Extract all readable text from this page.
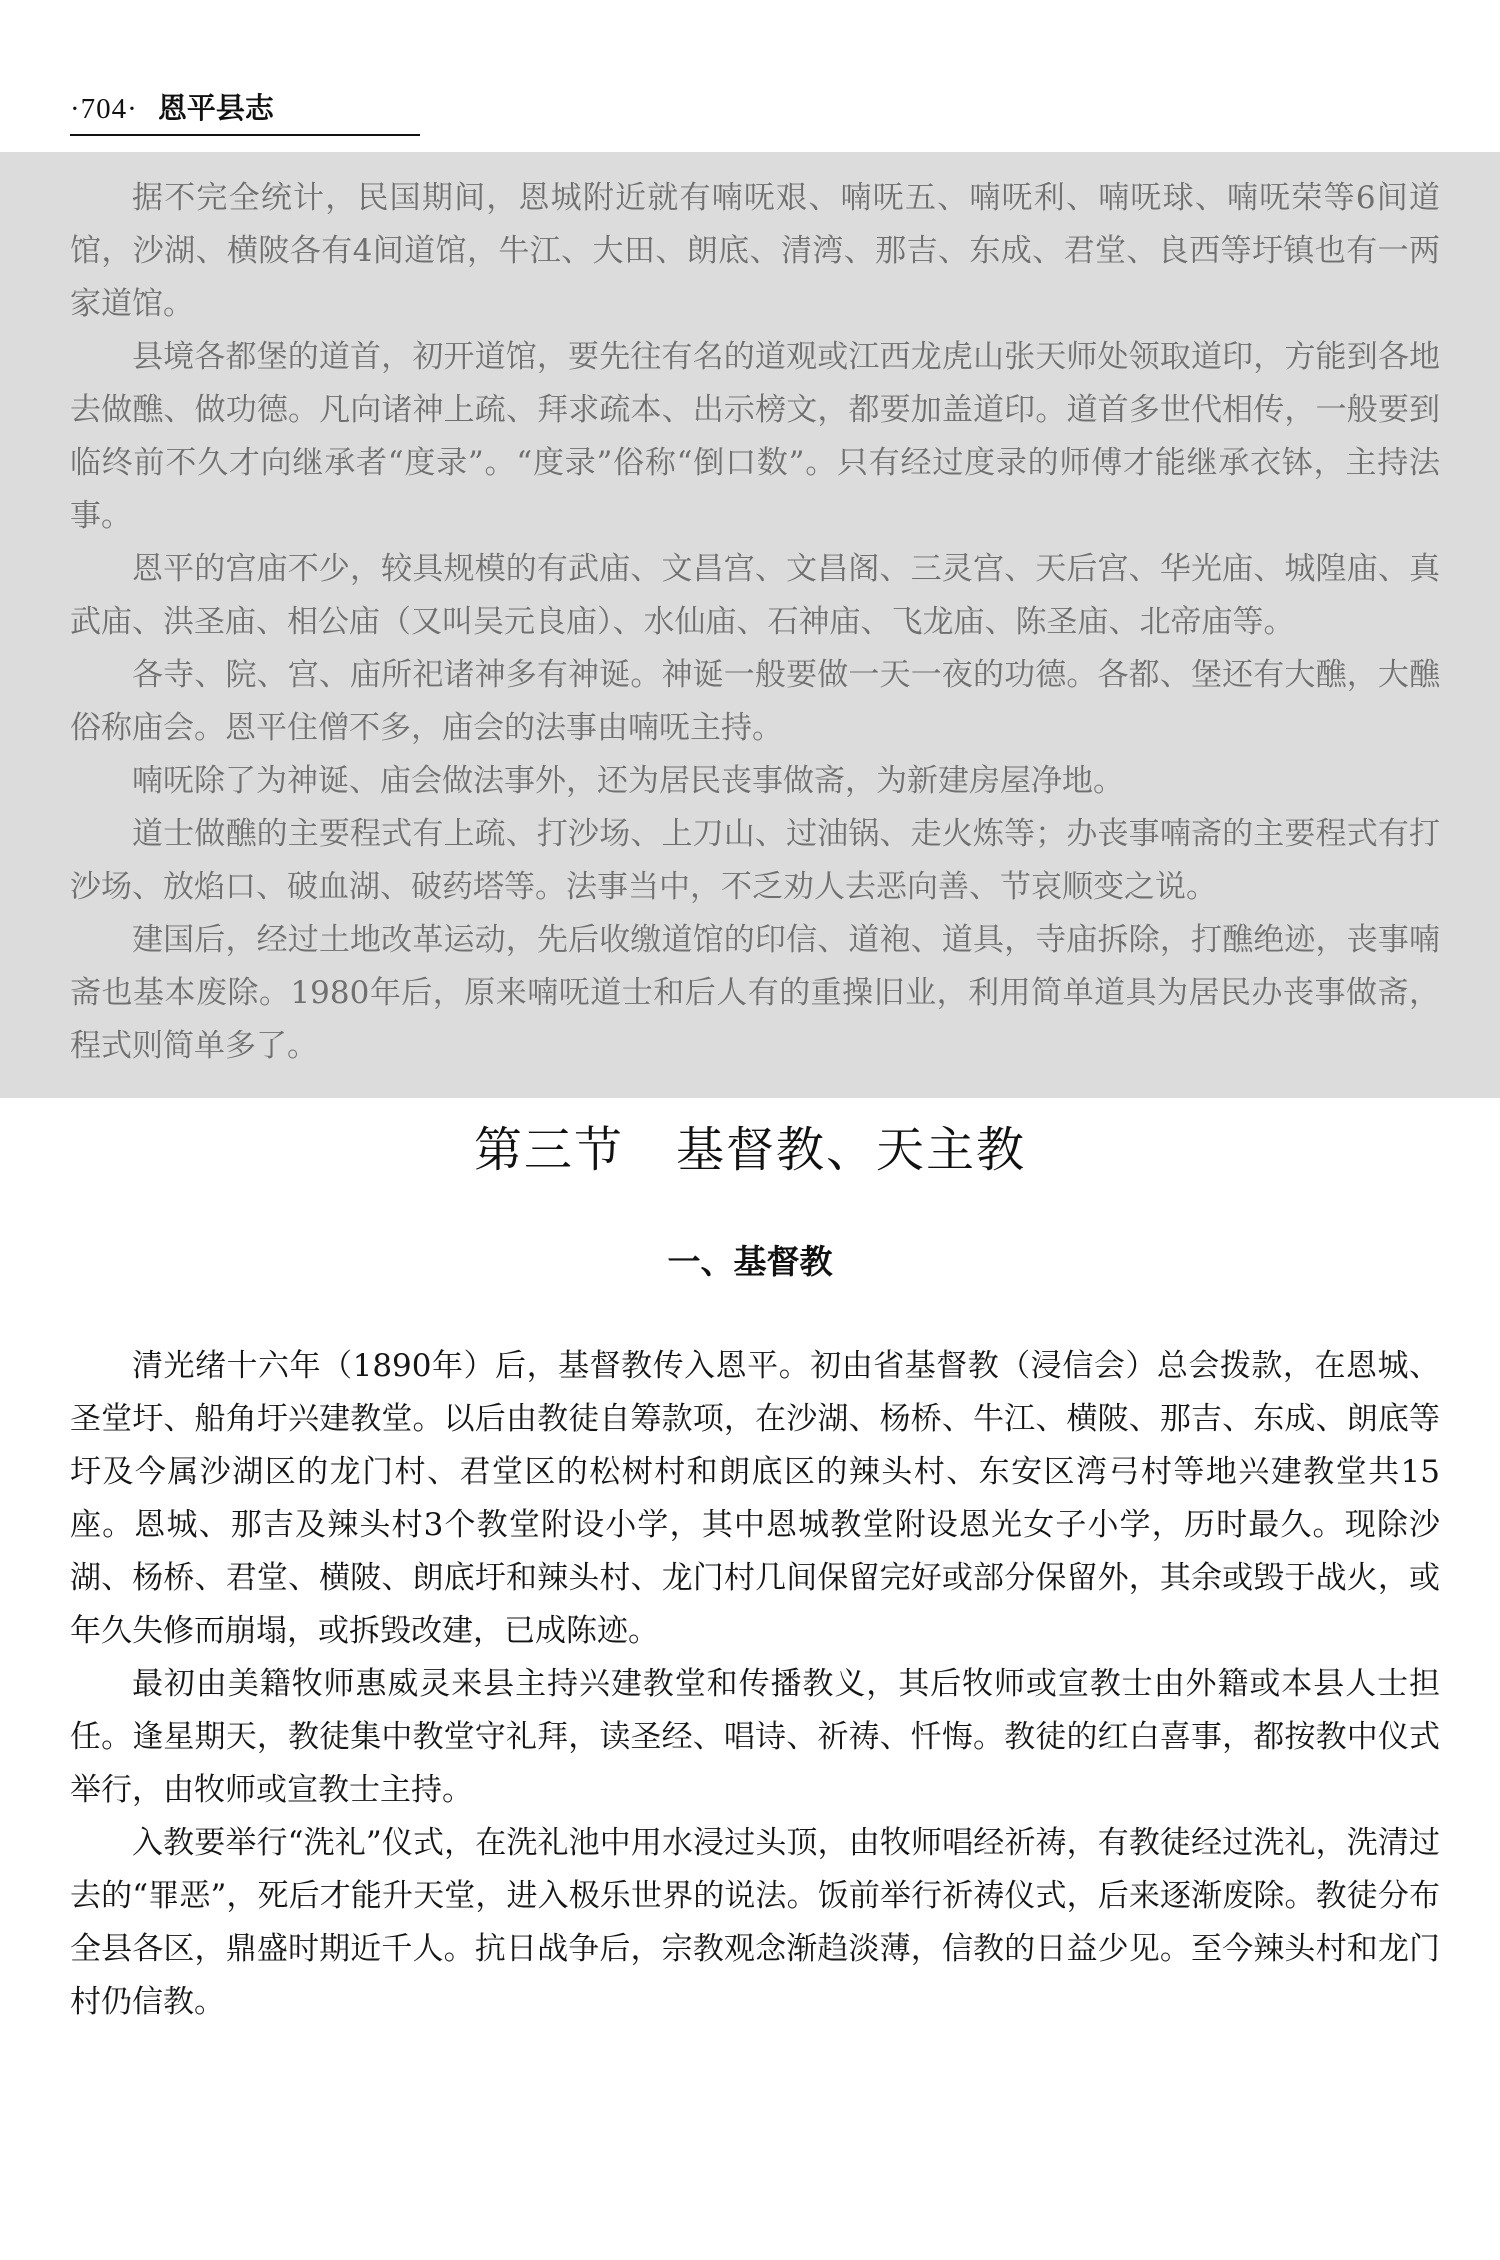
·704· 恩平县志

据不完全统计，民国期间，恩城附近就有喃呒艰、喃呒五、喃呒利、喃呒球、喃呒荣等6间道馆，沙湖、横陂各有4间道馆，牛江、大田、朗底、清湾、那吉、东成、君堂、良西等圩镇也有一两家道馆。

县境各都堡的道首，初开道馆，要先往有名的道观或江西龙虎山张天师处领取道印，方能到各地去做醮、做功德。凡向诸神上疏、拜求疏本、出示榜文，都要加盖道印。道首多世代相传，一般要到临终前不久才向继承者“度录”。“度录”俗称“倒口数”。只有经过度录的师傅才能继承衣钵，主持法事。

恩平的宫庙不少，较具规模的有武庙、文昌宫、文昌阁、三灵宫、天后宫、华光庙、城隍庙、真武庙、洪圣庙、相公庙（又叫吴元良庙）、水仙庙、石神庙、飞龙庙、陈圣庙、北帝庙等。

各寺、院、宫、庙所祀诸神多有神诞。神诞一般要做一天一夜的功德。各都、堡还有大醮，大醮俗称庙会。恩平住僧不多，庙会的法事由喃呒主持。

喃呒除了为神诞、庙会做法事外，还为居民丧事做斋，为新建房屋净地。

道士做醮的主要程式有上疏、打沙场、上刀山、过油锅、走火炼等；办丧事喃斋的主要程式有打沙场、放焰口、破血湖、破药塔等。法事当中，不乏劝人去恶向善、节哀顺变之说。

建国后，经过土地改革运动，先后收缴道馆的印信、道袍、道具，寺庙拆除，打醮绝迹，丧事喃斋也基本废除。1980年后，原来喃呒道士和后人有的重操旧业，利用简单道具为居民办丧事做斋，程式则简单多了。

第三节 基督教、天主教
一、基督教

清光绪十六年（1890年）后，基督教传入恩平。初由省基督教（浸信会）总会拨款，在恩城、圣堂圩、船角圩兴建教堂。以后由教徒自筹款项，在沙湖、杨桥、牛江、横陂、那吉、东成、朗底等圩及今属沙湖区的龙门村、君堂区的松树村和朗底区的辣头村、东安区湾弓村等地兴建教堂共15座。恩城、那吉及辣头村3个教堂附设小学，其中恩城教堂附设恩光女子小学，历时最久。现除沙湖、杨桥、君堂、横陂、朗底圩和辣头村、龙门村几间保留完好或部分保留外，其余或毁于战火，或年久失修而崩塌，或拆毁改建，已成陈迹。

最初由美籍牧师惠威灵来县主持兴建教堂和传播教义，其后牧师或宣教士由外籍或本县人士担任。逢星期天，教徒集中教堂守礼拜，读圣经、唱诗、祈祷、忏悔。教徒的红白喜事，都按教中仪式举行，由牧师或宣教士主持。

入教要举行“洗礼”仪式，在洗礼池中用水浸过头顶，由牧师唱经祈祷，有教徒经过洗礼，洗清过去的“罪恶”，死后才能升天堂，进入极乐世界的说法。饭前举行祈祷仪式，后来逐渐废除。教徒分布全县各区，鼎盛时期近千人。抗日战争后，宗教观念渐趋淡薄，信教的日益少见。至今辣头村和龙门村仍信教。
